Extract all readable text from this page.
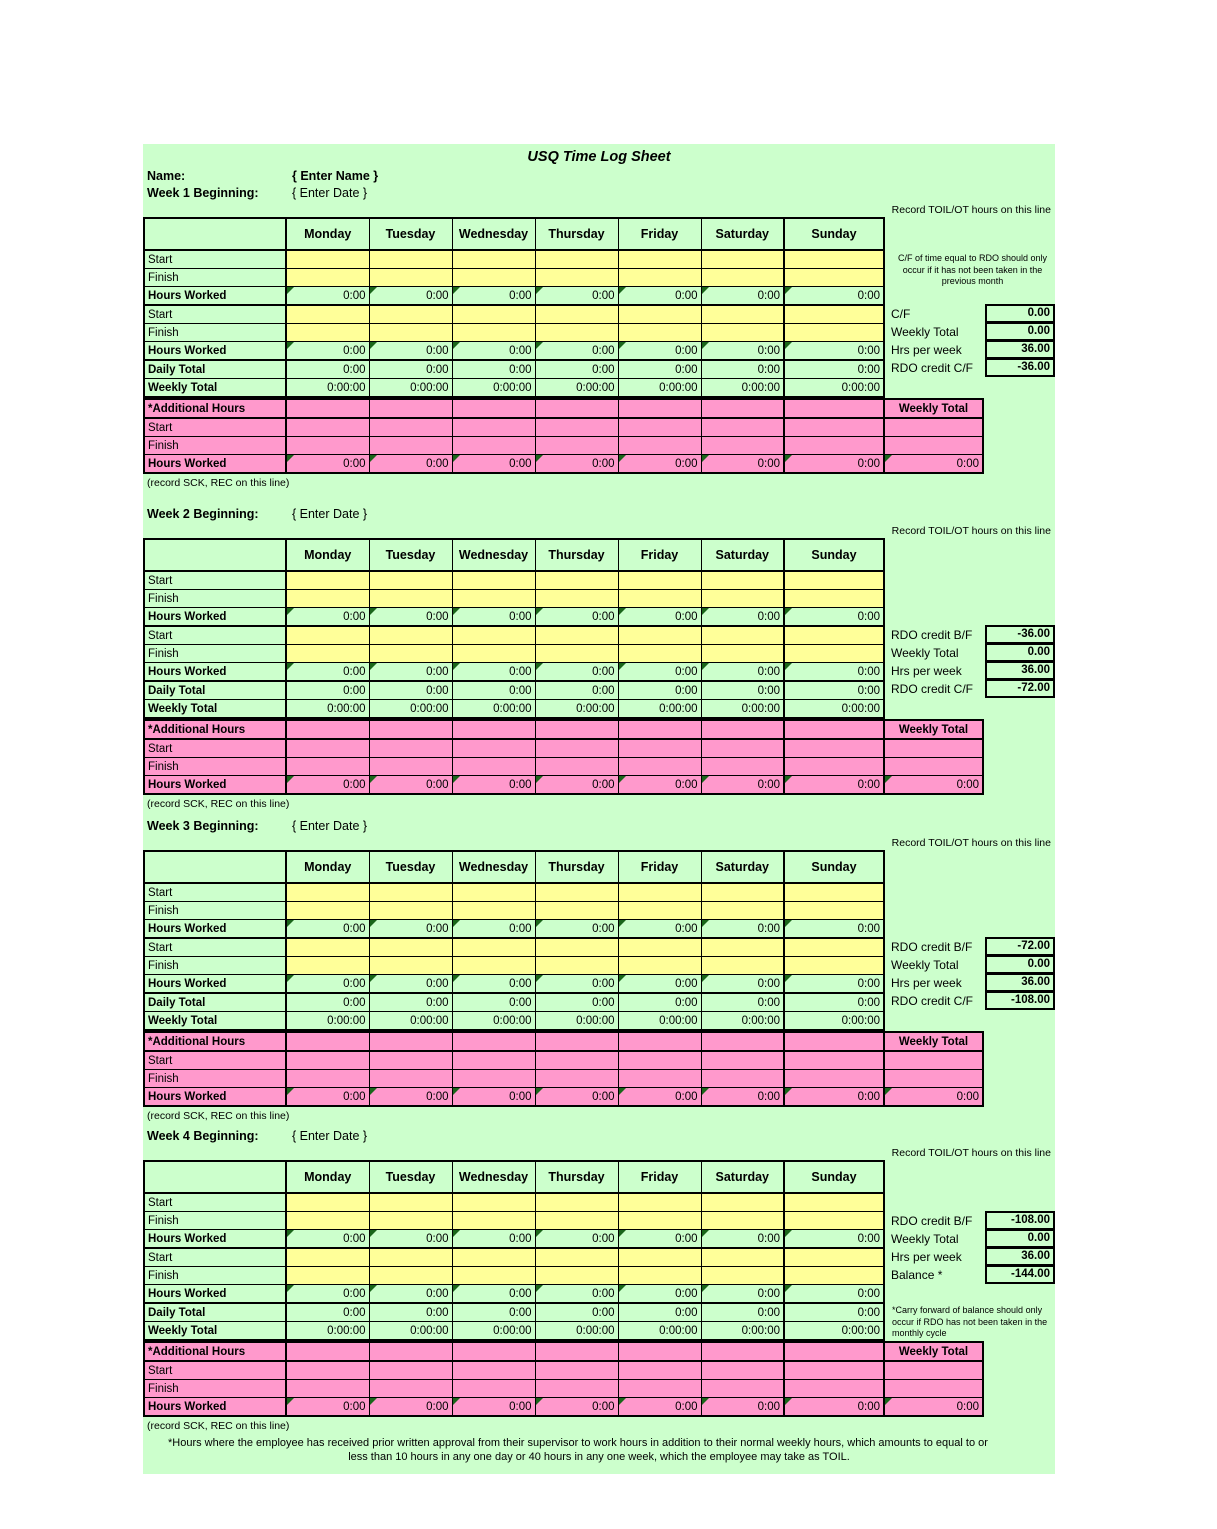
USQ Time Log Sheet
Name:	{ Enter Name }
Week 1 Beginning:	{ Enter Date }
Record TOIL/OT hours on this line
	Monday	Tuesday	Wednesday	Thursday	Friday	Saturday	Sunday
Start							
Finish							
Hours Worked	0:00	0:00	0:00	0:00	0:00	0:00	0:00

Start							
Finish							
Hours Worked	0:00	0:00	0:00	0:00	0:00	0:00	0:00

Daily Total	0:00	0:00	0:00	0:00	0:00	0:00	0:00
Weekly Total	0:00:00	0:00:00	0:00:00	0:00:00	0:00:00	0:00:00	0:00:00
*Additional Hours								Weekly Total
Start								
Finish								
Hours Worked	0:00	0:00	0:00	0:00	0:00	0:00	0:00	0:00
C/F of time equal to RDO should only occur if it has not been taken in the previous month
C/F	0.00
Weekly Total	0.00
Hrs per week	36.00
RDO credit C/F	-36.00
(record SCK, REC on this line)
Week 2 Beginning:	{ Enter Date }
Record TOIL/OT hours on this line
	Monday	Tuesday	Wednesday	Thursday	Friday	Saturday	Sunday
Start							
Finish							
Hours Worked	0:00	0:00	0:00	0:00	0:00	0:00	0:00

Start							
Finish							
Hours Worked	0:00	0:00	0:00	0:00	0:00	0:00	0:00

Daily Total	0:00	0:00	0:00	0:00	0:00	0:00	0:00
Weekly Total	0:00:00	0:00:00	0:00:00	0:00:00	0:00:00	0:00:00	0:00:00
*Additional Hours								Weekly Total
Start								
Finish								
Hours Worked	0:00	0:00	0:00	0:00	0:00	0:00	0:00	0:00
RDO credit B/F	-36.00
Weekly Total	0.00
Hrs per week	36.00
RDO credit C/F	-72.00
(record SCK, REC on this line)
Week 3 Beginning:	{ Enter Date }
Record TOIL/OT hours on this line
	Monday	Tuesday	Wednesday	Thursday	Friday	Saturday	Sunday
Start							
Finish							
Hours Worked	0:00	0:00	0:00	0:00	0:00	0:00	0:00

Start							
Finish							
Hours Worked	0:00	0:00	0:00	0:00	0:00	0:00	0:00

Daily Total	0:00	0:00	0:00	0:00	0:00	0:00	0:00
Weekly Total	0:00:00	0:00:00	0:00:00	0:00:00	0:00:00	0:00:00	0:00:00
*Additional Hours								Weekly Total
Start								
Finish								
Hours Worked	0:00	0:00	0:00	0:00	0:00	0:00	0:00	0:00
RDO credit B/F	-72.00
Weekly Total	0.00
Hrs per week	36.00
RDO credit C/F	-108.00
(record SCK, REC on this line)
Week 4 Beginning:	{ Enter Date }
Record TOIL/OT hours on this line
	Monday	Tuesday	Wednesday	Thursday	Friday	Saturday	Sunday
Start							
Finish							
Hours Worked	0:00	0:00	0:00	0:00	0:00	0:00	0:00

Start							
Finish							
Hours Worked	0:00	0:00	0:00	0:00	0:00	0:00	0:00

Daily Total	0:00	0:00	0:00	0:00	0:00	0:00	0:00
Weekly Total	0:00:00	0:00:00	0:00:00	0:00:00	0:00:00	0:00:00	0:00:00
*Additional Hours								Weekly Total
Start								
Finish								
Hours Worked	0:00	0:00	0:00	0:00	0:00	0:00	0:00	0:00
*Carry forward of balance should only occur if RDO has not been taken in the monthly cycle
RDO credit B/F	-108.00
Weekly Total	0.00
Hrs per week	36.00
Balance *	-144.00
(record SCK, REC on this line)
*Hours where the employee has received prior written approval from their supervisor to work hours in addition to their normal weekly hours, which amounts to equal to or
less than 10 hours in any one day or 40 hours in any one week, which the employee may take as TOIL.
